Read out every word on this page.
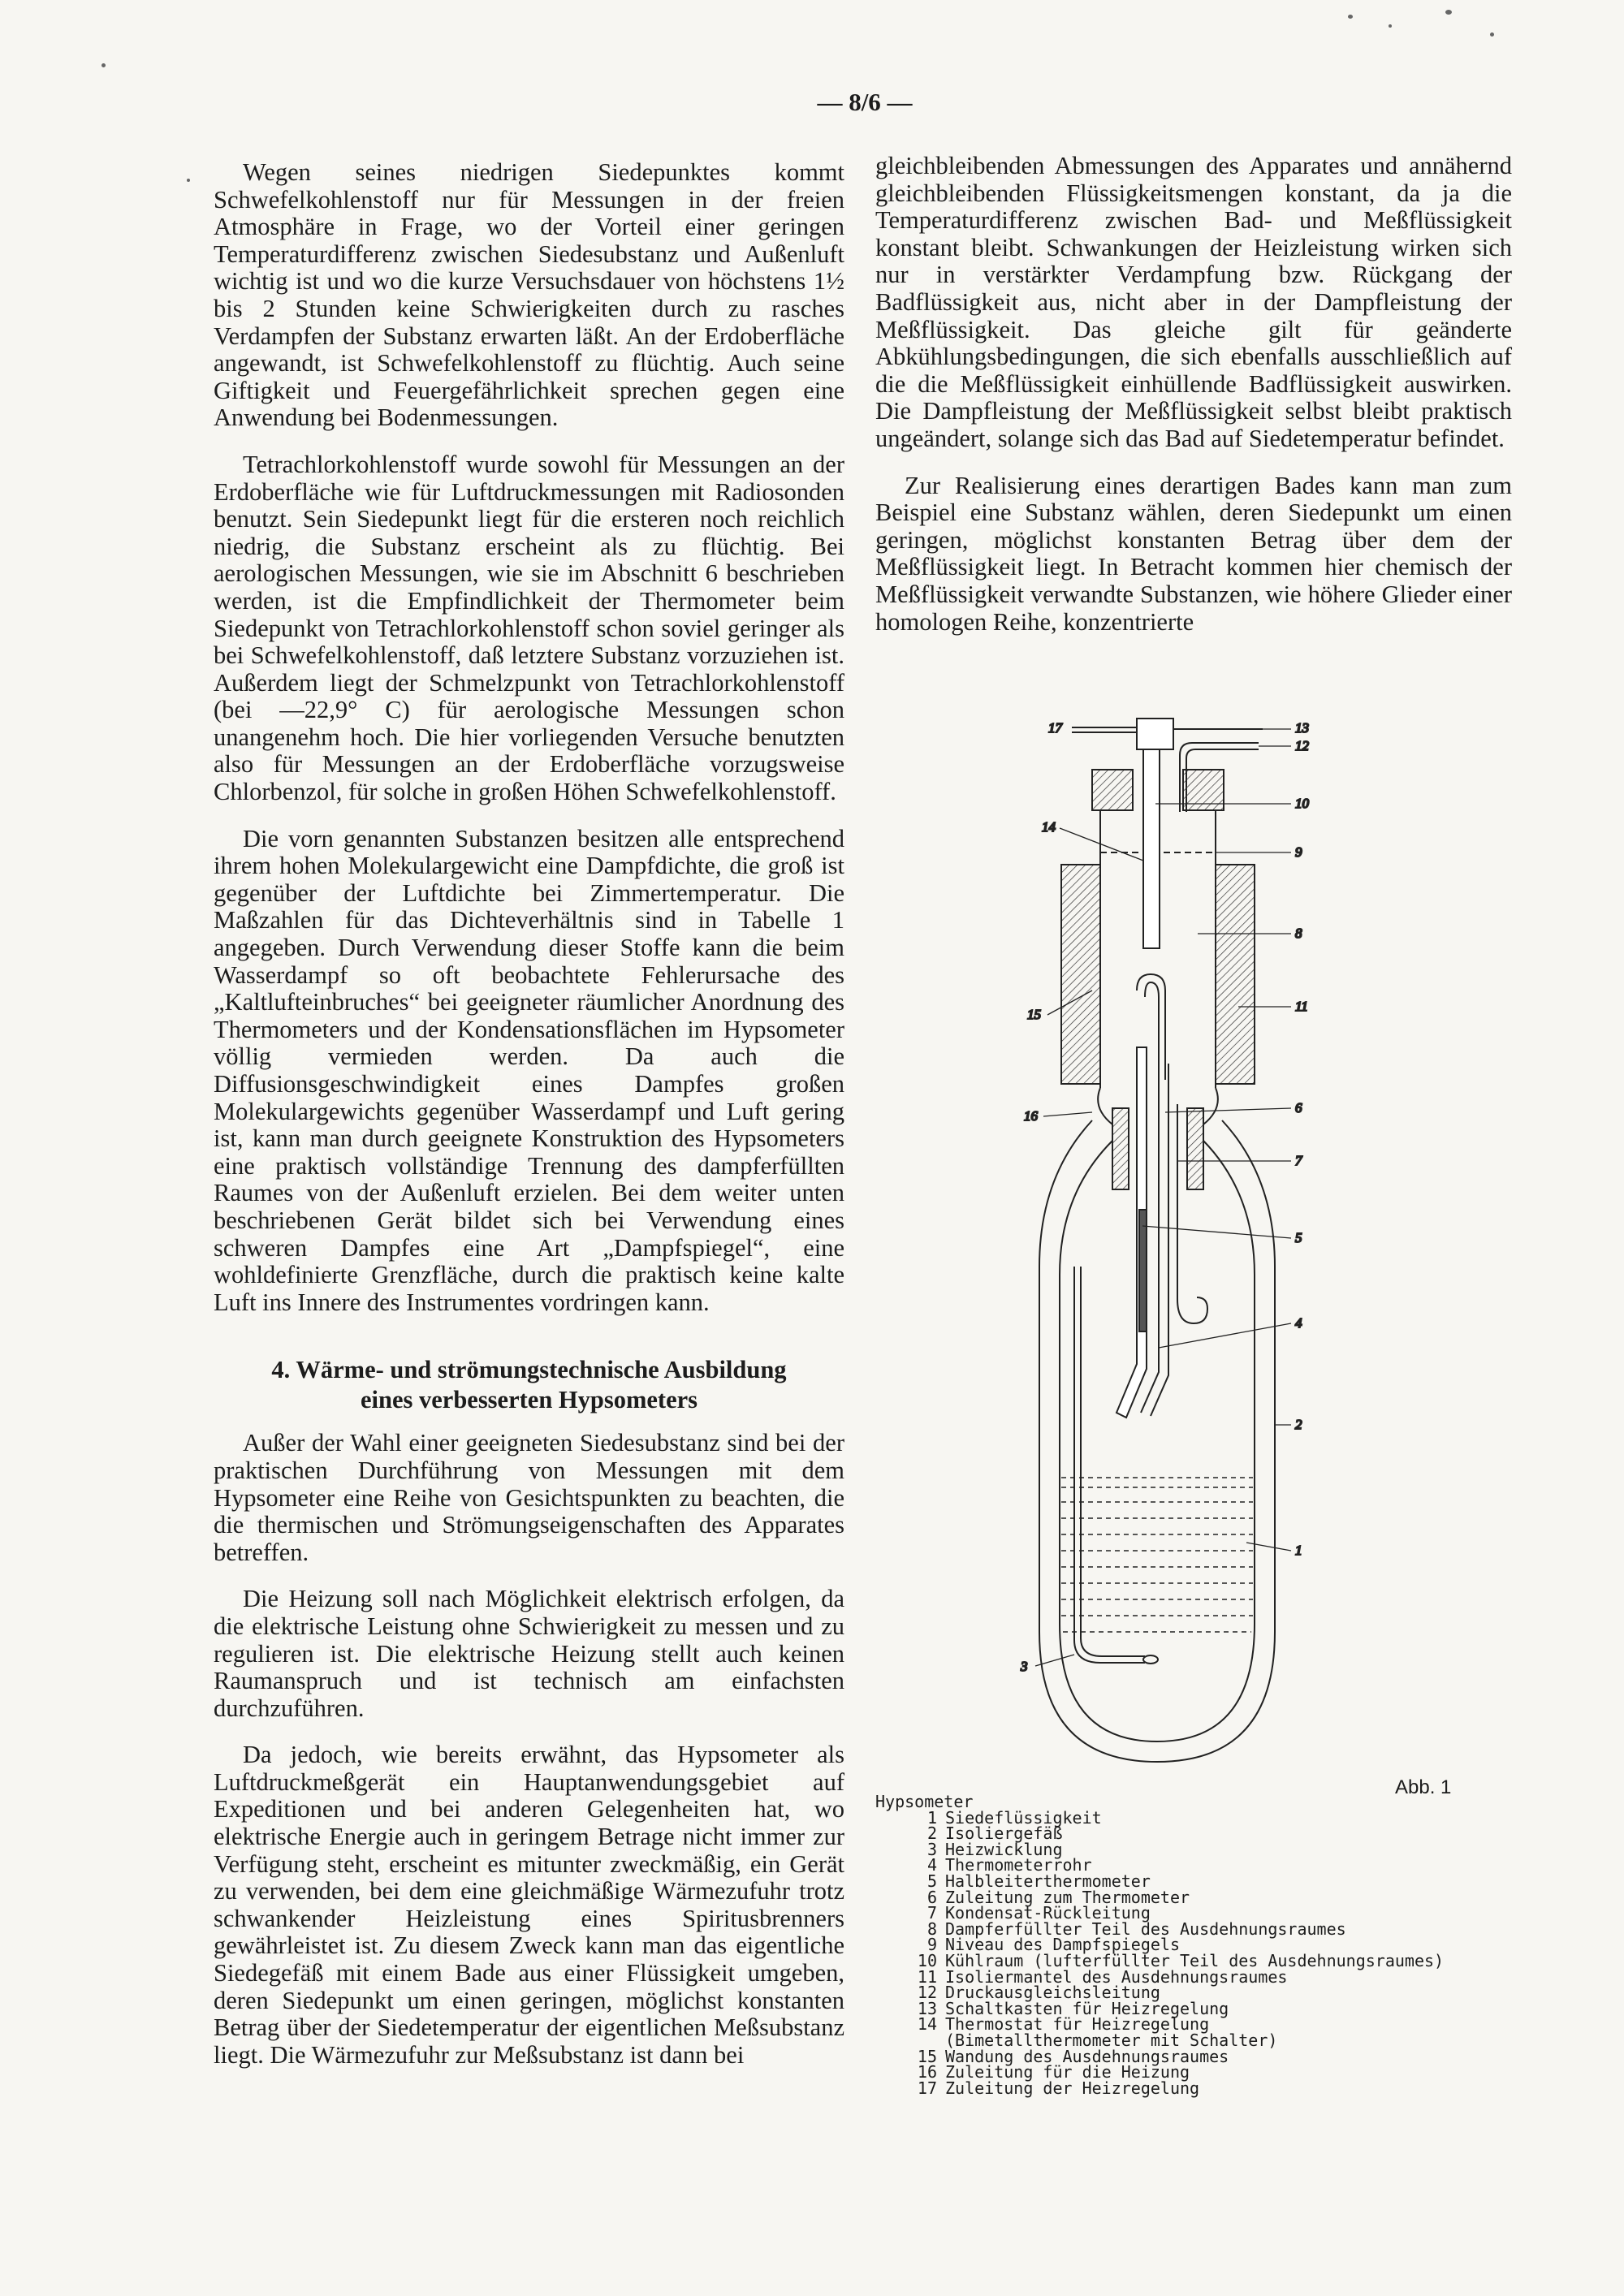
— 8/6 —

Wegen seines niedrigen Siedepunktes kommt Schwefelkohlenstoff nur für Messungen in der freien Atmosphäre in Frage, wo der Vorteil einer geringen Temperaturdifferenz zwischen Siedesubstanz und Außenluft wichtig ist und wo die kurze Versuchsdauer von höchstens 1½ bis 2 Stunden keine Schwierigkeiten durch zu rasches Verdampfen der Substanz erwarten läßt. An der Erdoberfläche angewandt, ist Schwefelkohlenstoff zu flüchtig. Auch seine Giftigkeit und Feuergefährlichkeit sprechen gegen eine Anwendung bei Bodenmessungen.

Tetrachlorkohlenstoff wurde sowohl für Messungen an der Erdoberfläche wie für Luftdruckmessungen mit Radiosonden benutzt. Sein Siedepunkt liegt für die ersteren noch reichlich niedrig, die Substanz erscheint als zu flüchtig. Bei aerologischen Messungen, wie sie im Abschnitt 6 beschrieben werden, ist die Empfindlichkeit der Thermometer beim Siedepunkt von Tetrachlorkohlenstoff schon soviel geringer als bei Schwefelkohlenstoff, daß letztere Substanz vorzuziehen ist. Außerdem liegt der Schmelzpunkt von Tetrachlorkohlenstoff (bei —22,9° C) für aerologische Messungen schon unangenehm hoch. Die hier vorliegenden Versuche benutzten also für Messungen an der Erdoberfläche vorzugsweise Chlorbenzol, für solche in großen Höhen Schwefelkohlenstoff.

Die vorn genannten Substanzen besitzen alle entsprechend ihrem hohen Molekulargewicht eine Dampfdichte, die groß ist gegenüber der Luftdichte bei Zimmertemperatur. Die Maßzahlen für das Dichteverhältnis sind in Tabelle 1 angegeben. Durch Verwendung dieser Stoffe kann die beim Wasserdampf so oft beobachtete Fehlerursache des „Kaltlufteinbruches“ bei geeigneter räumlicher Anordnung des Thermometers und der Kondensationsflächen im Hypsometer völlig vermieden werden. Da auch die Diffusionsgeschwindigkeit eines Dampfes großen Molekulargewichts gegenüber Wasserdampf und Luft gering ist, kann man durch geeignete Konstruktion des Hypsometers eine praktisch vollständige Trennung des dampferfüllten Raumes von der Außenluft erzielen. Bei dem weiter unten beschriebenen Gerät bildet sich bei Verwendung eines schweren Dampfes eine Art „Dampfspiegel“, eine wohldefinierte Grenzfläche, durch die praktisch keine kalte Luft ins Innere des Instrumentes vordringen kann.

4. Wärme- und strömungstechnische Ausbildung
eines verbesserten Hypsometers

Außer der Wahl einer geeigneten Siedesubstanz sind bei der praktischen Durchführung von Messungen mit dem Hypsometer eine Reihe von Gesichtspunkten zu beachten, die die thermischen und Strömungseigenschaften des Apparates betreffen.

Die Heizung soll nach Möglichkeit elektrisch erfolgen, da die elektrische Leistung ohne Schwierigkeit zu messen und zu regulieren ist. Die elektrische Heizung stellt auch keinen Raumanspruch und ist technisch am einfachsten durchzuführen.

Da jedoch, wie bereits erwähnt, das Hypsometer als Luftdruckmeßgerät ein Hauptanwendungsgebiet auf Expeditionen und bei anderen Gelegenheiten hat, wo elektrische Energie auch in geringem Betrage nicht immer zur Verfügung steht, erscheint es mitunter zweckmäßig, ein Gerät zu verwenden, bei dem eine gleichmäßige Wärmezufuhr trotz schwankender Heizleistung eines Spiritusbrenners gewährleistet ist. Zu diesem Zweck kann man das eigentliche Siedegefäß mit einem Bade aus einer Flüssigkeit umgeben, deren Siedepunkt um einen geringen, möglichst konstanten Betrag über der Siedetemperatur der eigentlichen Meßsubstanz liegt. Die Wärmezufuhr zur Meßsubstanz ist dann bei

gleichbleibenden Abmessungen des Apparates und annähernd gleichbleibenden Flüssigkeitsmengen konstant, da ja die Temperaturdifferenz zwischen Bad- und Meßflüssigkeit konstant bleibt. Schwankungen der Heizleistung wirken sich nur in verstärkter Verdampfung bzw. Rückgang der Badflüssigkeit aus, nicht aber in der Dampfleistung der Meßflüssigkeit. Das gleiche gilt für geänderte Abkühlungsbedingungen, die sich ebenfalls ausschließlich auf die die Meßflüssigkeit einhüllende Badflüssigkeit auswirken. Die Dampfleistung der Meßflüssigkeit selbst bleibt praktisch ungeändert, solange sich das Bad auf Siedetemperatur befindet.

Zur Realisierung eines derartigen Bades kann man zum Beispiel eine Substanz wählen, deren Siedepunkt um einen geringen, möglichst konstanten Betrag über dem der Meßflüssigkeit liegt. In Betracht kommen hier chemisch der Meßflüssigkeit verwandte Substanzen, wie höhere Glieder einer homologen Reihe, konzentrierte

17	13
12
14
10
9
8
15
11
16
6
7
5
4
2
1
3
Abb. 1
Hypsometer
1 Siedeflüssigkeit
2 Isoliergefäß
3 Heizwicklung
4 Thermometerrohr
5 Halbleiterthermometer
6 Zuleitung zum Thermometer
7 Kondensat-Rückleitung
8 Dampferfüllter Teil des Ausdehnungsraumes
9 Niveau des Dampfspiegels
10 Kühlraum (lufterfüllter Teil des Ausdehnungsraumes)
11 Isoliermantel des Ausdehnungsraumes
12 Druckausgleichsleitung
13 Schaltkasten für Heizregelung
14 Thermostat für Heizregelung
(Bimetallthermometer mit Schalter)
15 Wandung des Ausdehnungsraumes
16 Zuleitung für die Heizung
17 Zuleitung der Heizregelung
